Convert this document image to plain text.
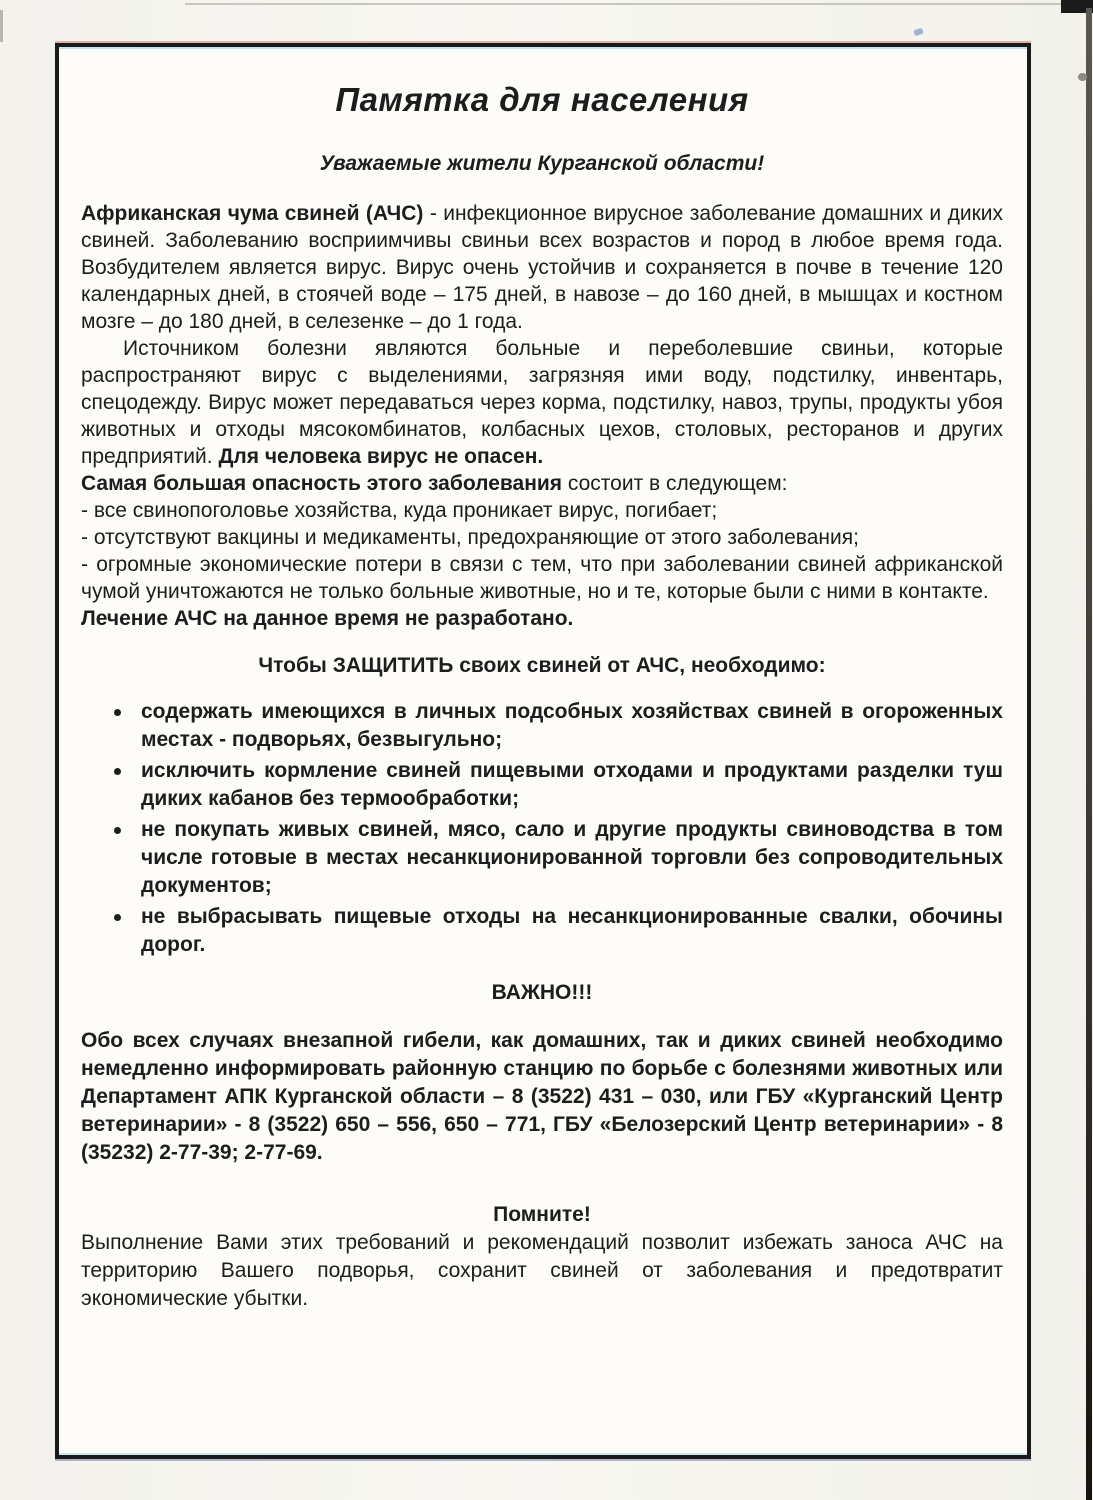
Памятка для населения
Уважаемые жители Курганской области!

Африканская чума свиней (АЧС) - инфекционное вирусное заболевание домашних и диких свиней. Заболеванию восприимчивы свиньи всех возрастов и пород в любое время года. Возбудителем является вирус. Вирус очень устойчив и сохраняется в почве в течение 120 календарных дней, в стоячей воде – 175 дней, в навозе – до 160 дней, в мышцах и костном мозге – до 180 дней, в селезенке – до 1 года.

Источником болезни являются больные и переболевшие свиньи, которые распространяют вирус с выделениями, загрязняя ими воду, подстилку, инвентарь, спецодежду. Вирус может передаваться через корма, подстилку, навоз, трупы, продукты убоя животных и отходы мясокомбинатов, колбасных цехов, столовых, ресторанов и других предприятий. Для человека вирус не опасен.

Самая большая опасность этого заболевания состоит в следующем:

- все свинопоголовье хозяйства, куда проникает вирус, погибает;

- отсутствуют вакцины и медикаменты, предохраняющие от этого заболевания;

- огромные экономические потери в связи с тем, что при заболевании свиней африканской чумой уничтожаются не только больные животные, но и те, которые были с ними в контакте.

Лечение АЧС на данное время не разработано.

Чтобы ЗАЩИТИТЬ своих свиней от АЧС, необходимо:

содержать имеющихся в личных подсобных хозяйствах свиней в огороженных местах - подворьях, безвыгульно;
исключить кормление свиней пищевыми отходами и продуктами разделки туш диких кабанов без термообработки;
не покупать живых свиней, мясо, сало и другие продукты свиноводства в том числе готовые в местах несанкционированной торговли без сопроводительных документов;
не выбрасывать пищевые отходы на несанкционированные свалки, обочины дорог.

ВАЖНО!!!

Обо всех случаях внезапной гибели, как домашних, так и диких свиней необходимо немедленно информировать районную станцию по борьбе с болезнями животных или Департамент АПК Курганской области – 8 (3522) 431 – 030, или ГБУ «Курганский Центр ветеринарии» - 8 (3522) 650 – 556, 650 – 771, ГБУ «Белозерский Центр ветеринарии» - 8 (35232) 2-77-39; 2-77-69.

Помните!

Выполнение Вами этих требований и рекомендаций позволит избежать заноса АЧС на территорию Вашего подворья, сохранит свиней от заболевания и предотвратит экономические убытки.
